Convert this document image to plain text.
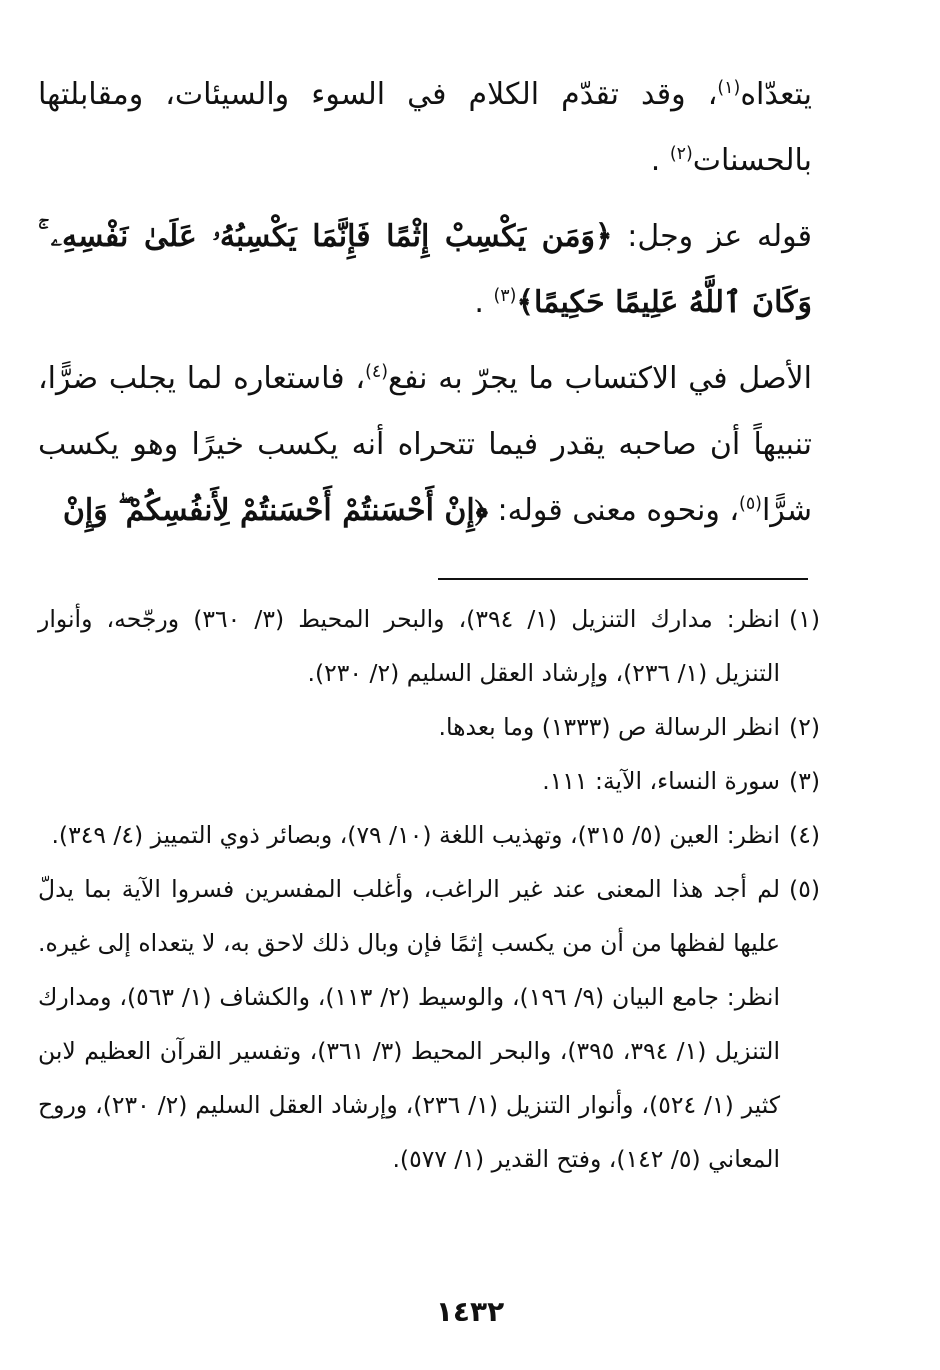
يتعدّاه$^{(١)}$، وقد تقدّم الكلام في السوء والسيئات، ومقابلتها بالحسنات$^{(٢)}$ .

قوله عز وجل: ﴿وَمَن يَكْسِبْ إِثْمًا فَإِنَّمَا يَكْسِبُهُۥ عَلَىٰ نَفْسِهِۦ ۚ وَكَانَ ٱللَّهُ عَلِيمًا حَكِيمًا﴾$^{(٣)}$ .

الأصل في الاكتساب ما يجرّ به نفع$^{(٤)}$، فاستعاره لما يجلب ضرًّا، تنبيهاً أن صاحبه يقدر فيما تتحراه أنه يكسب خيرًا وهو يكسب شرًّا$^{(٥)}$، ونحوه معنى قوله: ﴿إِنْ أَحْسَنتُمْ أَحْسَنتُمْ لِأَنفُسِكُمْ ۖ وَإِنْ

(١)
انظر: مدارك التنزيل (١/ ٣٩٤)، والبحر المحيط (٣/ ٣٦٠) ورجّحه، وأنوار التنزيل (١/ ٢٣٦)، وإرشاد العقل السليم (٢/ ٢٣٠).

(٢)
انظر الرسالة ص (١٣٣٣) وما بعدها.

(٣)
سورة النساء، الآية: ١١١.

(٤)
انظر: العين (٥/ ٣١٥)، وتهذيب اللغة (١٠/ ٧٩)، وبصائر ذوي التمييز (٤/ ٣٤٩).

(٥)
لم أجد هذا المعنى عند غير الراغب، وأغلب المفسرين فسروا الآية بما يدلّ عليها لفظها من أن من يكسب إثمًا فإن وبال ذلك لاحق به، لا يتعداه إلى غيره. انظر: جامع البيان (٩/ ١٩٦)، والوسيط (٢/ ١١٣)، والكشاف (١/ ٥٦٣)، ومدارك التنزيل (١/ ٣٩٤، ٣٩٥)، والبحر المحيط (٣/ ٣٦١)، وتفسير القرآن العظيم لابن كثير (١/ ٥٢٤)، وأنوار التنزيل (١/ ٢٣٦)، وإرشاد العقل السليم (٢/ ٢٣٠)، وروح المعاني (٥/ ١٤٢)، وفتح القدير (١/ ٥٧٧).

١٤٣٢
